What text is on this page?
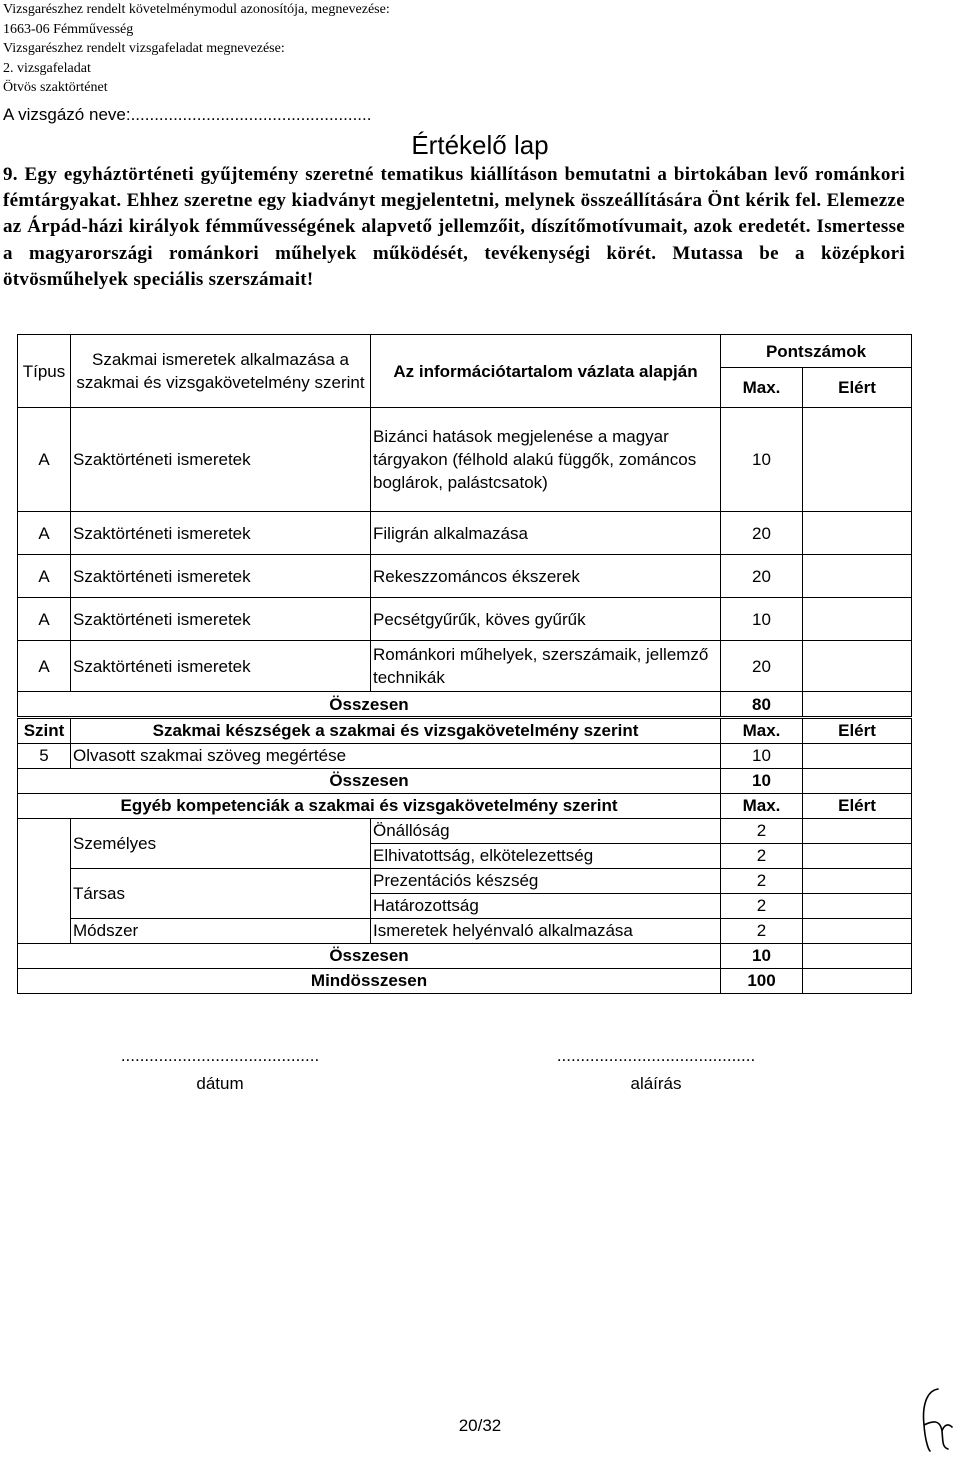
Vizsgarészhez rendelt követelménymodul azonosítója, megnevezése:
1663-06 Fémművesség
Vizsgarészhez rendelt vizsgafeladat megnevezése:
2. vizsgafeladat
Ötvös szaktörténet
A vizsgázó neve:...................................................
Értékelő lap
9. Egy egyháztörténeti gyűjtemény szeretné tematikus kiállításon bemutatni a birtokában levő románkori fémtárgyakat. Ehhez szeretne egy kiadványt megjelentetni, melynek összeállítására Önt kérik fel. Elemezze az Árpád-házi királyok fémművességének alapvető jellemzőit, díszítőmotívumait, azok eredetét. Ismertesse a magyarországi románkori műhelyek működését, tevékenységi körét. Mutassa be a középkori ötvösműhelyek speciális szerszámait!
Típus	Szakmai ismeretek alkalmazása a szakmai és vizsgakövetelmény szerint	Az információtartalom vázlata alapján	Pontszámok	
			Max.	Elért
A	Szaktörténeti ismeretek	Bizánci hatások megjelenése a magyar tárgyakon (félhold alakú függők, zománcos boglárok, palástcsatok)	10	
A	Szaktörténeti ismeretek	Filigrán alkalmazása	20	
A	Szaktörténeti ismeretek	Rekeszzománcos ékszerek	20	
A	Szaktörténeti ismeretek	Pecsétgyűrűk, köves gyűrűk	10	
A	Szaktörténeti ismeretek	Románkori műhelyek, szerszámaik, jellemző technikák	20	
Összesen			80	
Szint	Szakmai készségek a szakmai és vizsgakövetelmény szerint		Max.	Elért
5	Olvasott szakmai szöveg megértése		10	
Összesen			10	
Egyéb kompetenciák a szakmai és vizsgakövetelmény szerint			Max.	Elért
	Személyes	Önállóság	2	
		Elhivatottság, elkötelezettség	2	
	Társas	Prezentációs készség	2	
		Határozottság	2	
	Módszer	Ismeretek helyénvaló alkalmazása	2	
Összesen			10	
Mindösszesen			100	
..........................................
dátum
..........................................
aláírás
20/32
